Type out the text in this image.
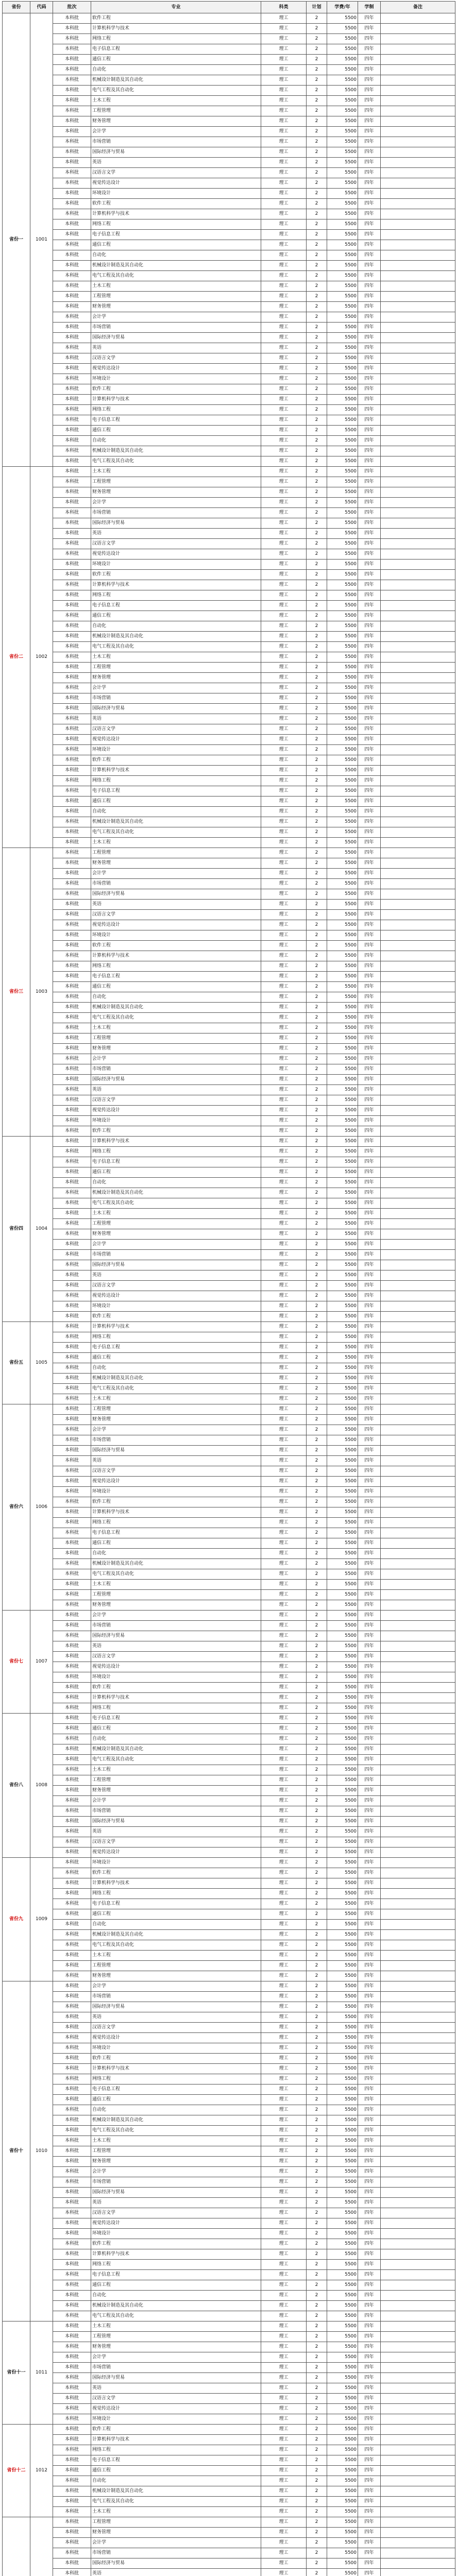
省份	代码	批次	专业	科类	计划	学费/年	学制	备注
省份一	1001	本科批	软件工程	理工	2	5500	四年	
		本科批	计算机科学与技术	理工	2	5500	四年	
		本科批	网络工程	理工	2	5500	四年	
		本科批	电子信息工程	理工	2	5500	四年	
		本科批	通信工程	理工	2	5500	四年	
		本科批	自动化	理工	2	5500	四年	
		本科批	机械设计制造及其自动化	理工	2	5500	四年	
		本科批	电气工程及其自动化	理工	2	5500	四年	
		本科批	土木工程	理工	2	5500	四年	
		本科批	工程管理	理工	2	5500	四年	
		本科批	财务管理	理工	2	5500	四年	
		本科批	会计学	理工	2	5500	四年	
		本科批	市场营销	理工	2	5500	四年	
		本科批	国际经济与贸易	理工	2	5500	四年	
		本科批	英语	理工	2	5500	四年	
		本科批	汉语言文学	理工	2	5500	四年	
		本科批	视觉传达设计	理工	2	5500	四年	
		本科批	环境设计	理工	2	5500	四年	
		本科批	软件工程	理工	2	5500	四年	
		本科批	计算机科学与技术	理工	2	5500	四年	
		本科批	网络工程	理工	2	5500	四年	
		本科批	电子信息工程	理工	2	5500	四年	
		本科批	通信工程	理工	2	5500	四年	
		本科批	自动化	理工	2	5500	四年	
		本科批	机械设计制造及其自动化	理工	2	5500	四年	
		本科批	电气工程及其自动化	理工	2	5500	四年	
		本科批	土木工程	理工	2	5500	四年	
		本科批	工程管理	理工	2	5500	四年	
		本科批	财务管理	理工	2	5500	四年	
		本科批	会计学	理工	2	5500	四年	
		本科批	市场营销	理工	2	5500	四年	
		本科批	国际经济与贸易	理工	2	5500	四年	
		本科批	英语	理工	2	5500	四年	
		本科批	汉语言文学	理工	2	5500	四年	
		本科批	视觉传达设计	理工	2	5500	四年	
		本科批	环境设计	理工	2	5500	四年	
		本科批	软件工程	理工	2	5500	四年	
		本科批	计算机科学与技术	理工	2	5500	四年	
		本科批	网络工程	理工	2	5500	四年	
		本科批	电子信息工程	理工	2	5500	四年	
		本科批	通信工程	理工	2	5500	四年	
		本科批	自动化	理工	2	5500	四年	
		本科批	机械设计制造及其自动化	理工	2	5500	四年	
		本科批	电气工程及其自动化	理工	2	5500	四年	
省份二	1002	本科批	土木工程	理工	2	5500	四年	
		本科批	工程管理	理工	2	5500	四年	
		本科批	财务管理	理工	2	5500	四年	
		本科批	会计学	理工	2	5500	四年	
		本科批	市场营销	理工	2	5500	四年	
		本科批	国际经济与贸易	理工	2	5500	四年	
		本科批	英语	理工	2	5500	四年	
		本科批	汉语言文学	理工	2	5500	四年	
		本科批	视觉传达设计	理工	2	5500	四年	
		本科批	环境设计	理工	2	5500	四年	
		本科批	软件工程	理工	2	5500	四年	
		本科批	计算机科学与技术	理工	2	5500	四年	
		本科批	网络工程	理工	2	5500	四年	
		本科批	电子信息工程	理工	2	5500	四年	
		本科批	通信工程	理工	2	5500	四年	
		本科批	自动化	理工	2	5500	四年	
		本科批	机械设计制造及其自动化	理工	2	5500	四年	
		本科批	电气工程及其自动化	理工	2	5500	四年	
		本科批	土木工程	理工	2	5500	四年	
		本科批	工程管理	理工	2	5500	四年	
		本科批	财务管理	理工	2	5500	四年	
		本科批	会计学	理工	2	5500	四年	
		本科批	市场营销	理工	2	5500	四年	
		本科批	国际经济与贸易	理工	2	5500	四年	
		本科批	英语	理工	2	5500	四年	
		本科批	汉语言文学	理工	2	5500	四年	
		本科批	视觉传达设计	理工	2	5500	四年	
		本科批	环境设计	理工	2	5500	四年	
		本科批	软件工程	理工	2	5500	四年	
		本科批	计算机科学与技术	理工	2	5500	四年	
		本科批	网络工程	理工	2	5500	四年	
		本科批	电子信息工程	理工	2	5500	四年	
		本科批	通信工程	理工	2	5500	四年	
		本科批	自动化	理工	2	5500	四年	
		本科批	机械设计制造及其自动化	理工	2	5500	四年	
		本科批	电气工程及其自动化	理工	2	5500	四年	
		本科批	土木工程	理工	2	5500	四年	
省份三	1003	本科批	工程管理	理工	2	5500	四年	
		本科批	财务管理	理工	2	5500	四年	
		本科批	会计学	理工	2	5500	四年	
		本科批	市场营销	理工	2	5500	四年	
		本科批	国际经济与贸易	理工	2	5500	四年	
		本科批	英语	理工	2	5500	四年	
		本科批	汉语言文学	理工	2	5500	四年	
		本科批	视觉传达设计	理工	2	5500	四年	
		本科批	环境设计	理工	2	5500	四年	
		本科批	软件工程	理工	2	5500	四年	
		本科批	计算机科学与技术	理工	2	5500	四年	
		本科批	网络工程	理工	2	5500	四年	
		本科批	电子信息工程	理工	2	5500	四年	
		本科批	通信工程	理工	2	5500	四年	
		本科批	自动化	理工	2	5500	四年	
		本科批	机械设计制造及其自动化	理工	2	5500	四年	
		本科批	电气工程及其自动化	理工	2	5500	四年	
		本科批	土木工程	理工	2	5500	四年	
		本科批	工程管理	理工	2	5500	四年	
		本科批	财务管理	理工	2	5500	四年	
		本科批	会计学	理工	2	5500	四年	
		本科批	市场营销	理工	2	5500	四年	
		本科批	国际经济与贸易	理工	2	5500	四年	
		本科批	英语	理工	2	5500	四年	
		本科批	汉语言文学	理工	2	5500	四年	
		本科批	视觉传达设计	理工	2	5500	四年	
		本科批	环境设计	理工	2	5500	四年	
		本科批	软件工程	理工	2	5500	四年	
省份四	1004	本科批	计算机科学与技术	理工	2	5500	四年	
		本科批	网络工程	理工	2	5500	四年	
		本科批	电子信息工程	理工	2	5500	四年	
		本科批	通信工程	理工	2	5500	四年	
		本科批	自动化	理工	2	5500	四年	
		本科批	机械设计制造及其自动化	理工	2	5500	四年	
		本科批	电气工程及其自动化	理工	2	5500	四年	
		本科批	土木工程	理工	2	5500	四年	
		本科批	工程管理	理工	2	5500	四年	
		本科批	财务管理	理工	2	5500	四年	
		本科批	会计学	理工	2	5500	四年	
		本科批	市场营销	理工	2	5500	四年	
		本科批	国际经济与贸易	理工	2	5500	四年	
		本科批	英语	理工	2	5500	四年	
		本科批	汉语言文学	理工	2	5500	四年	
		本科批	视觉传达设计	理工	2	5500	四年	
		本科批	环境设计	理工	2	5500	四年	
		本科批	软件工程	理工	2	5500	四年	
省份五	1005	本科批	计算机科学与技术	理工	2	5500	四年	
		本科批	网络工程	理工	2	5500	四年	
		本科批	电子信息工程	理工	2	5500	四年	
		本科批	通信工程	理工	2	5500	四年	
		本科批	自动化	理工	2	5500	四年	
		本科批	机械设计制造及其自动化	理工	2	5500	四年	
		本科批	电气工程及其自动化	理工	2	5500	四年	
		本科批	土木工程	理工	2	5500	四年	
省份六	1006	本科批	工程管理	理工	2	5500	四年	
		本科批	财务管理	理工	2	5500	四年	
		本科批	会计学	理工	2	5500	四年	
		本科批	市场营销	理工	2	5500	四年	
		本科批	国际经济与贸易	理工	2	5500	四年	
		本科批	英语	理工	2	5500	四年	
		本科批	汉语言文学	理工	2	5500	四年	
		本科批	视觉传达设计	理工	2	5500	四年	
		本科批	环境设计	理工	2	5500	四年	
		本科批	软件工程	理工	2	5500	四年	
		本科批	计算机科学与技术	理工	2	5500	四年	
		本科批	网络工程	理工	2	5500	四年	
		本科批	电子信息工程	理工	2	5500	四年	
		本科批	通信工程	理工	2	5500	四年	
		本科批	自动化	理工	2	5500	四年	
		本科批	机械设计制造及其自动化	理工	2	5500	四年	
		本科批	电气工程及其自动化	理工	2	5500	四年	
		本科批	土木工程	理工	2	5500	四年	
		本科批	工程管理	理工	2	5500	四年	
		本科批	财务管理	理工	2	5500	四年	
省份七	1007	本科批	会计学	理工	2	5500	四年	
		本科批	市场营销	理工	2	5500	四年	
		本科批	国际经济与贸易	理工	2	5500	四年	
		本科批	英语	理工	2	5500	四年	
		本科批	汉语言文学	理工	2	5500	四年	
		本科批	视觉传达设计	理工	2	5500	四年	
		本科批	环境设计	理工	2	5500	四年	
		本科批	软件工程	理工	2	5500	四年	
		本科批	计算机科学与技术	理工	2	5500	四年	
		本科批	网络工程	理工	2	5500	四年	
省份八	1008	本科批	电子信息工程	理工	2	5500	四年	
		本科批	通信工程	理工	2	5500	四年	
		本科批	自动化	理工	2	5500	四年	
		本科批	机械设计制造及其自动化	理工	2	5500	四年	
		本科批	电气工程及其自动化	理工	2	5500	四年	
		本科批	土木工程	理工	2	5500	四年	
		本科批	工程管理	理工	2	5500	四年	
		本科批	财务管理	理工	2	5500	四年	
		本科批	会计学	理工	2	5500	四年	
		本科批	市场营销	理工	2	5500	四年	
		本科批	国际经济与贸易	理工	2	5500	四年	
		本科批	英语	理工	2	5500	四年	
		本科批	汉语言文学	理工	2	5500	四年	
		本科批	视觉传达设计	理工	2	5500	四年	
省份九	1009	本科批	环境设计	理工	2	5500	四年	
		本科批	软件工程	理工	2	5500	四年	
		本科批	计算机科学与技术	理工	2	5500	四年	
		本科批	网络工程	理工	2	5500	四年	
		本科批	电子信息工程	理工	2	5500	四年	
		本科批	通信工程	理工	2	5500	四年	
		本科批	自动化	理工	2	5500	四年	
		本科批	机械设计制造及其自动化	理工	2	5500	四年	
		本科批	电气工程及其自动化	理工	2	5500	四年	
		本科批	土木工程	理工	2	5500	四年	
		本科批	工程管理	理工	2	5500	四年	
		本科批	财务管理	理工	2	5500	四年	
省份十	1010	本科批	会计学	理工	2	5500	四年	
		本科批	市场营销	理工	2	5500	四年	
		本科批	国际经济与贸易	理工	2	5500	四年	
		本科批	英语	理工	2	5500	四年	
		本科批	汉语言文学	理工	2	5500	四年	
		本科批	视觉传达设计	理工	2	5500	四年	
		本科批	环境设计	理工	2	5500	四年	
		本科批	软件工程	理工	2	5500	四年	
		本科批	计算机科学与技术	理工	2	5500	四年	
		本科批	网络工程	理工	2	5500	四年	
		本科批	电子信息工程	理工	2	5500	四年	
		本科批	通信工程	理工	2	5500	四年	
		本科批	自动化	理工	2	5500	四年	
		本科批	机械设计制造及其自动化	理工	2	5500	四年	
		本科批	电气工程及其自动化	理工	2	5500	四年	
		本科批	土木工程	理工	2	5500	四年	
		本科批	工程管理	理工	2	5500	四年	
		本科批	财务管理	理工	2	5500	四年	
		本科批	会计学	理工	2	5500	四年	
		本科批	市场营销	理工	2	5500	四年	
		本科批	国际经济与贸易	理工	2	5500	四年	
		本科批	英语	理工	2	5500	四年	
		本科批	汉语言文学	理工	2	5500	四年	
		本科批	视觉传达设计	理工	2	5500	四年	
		本科批	环境设计	理工	2	5500	四年	
		本科批	软件工程	理工	2	5500	四年	
		本科批	计算机科学与技术	理工	2	5500	四年	
		本科批	网络工程	理工	2	5500	四年	
		本科批	电子信息工程	理工	2	5500	四年	
		本科批	通信工程	理工	2	5500	四年	
		本科批	自动化	理工	2	5500	四年	
		本科批	机械设计制造及其自动化	理工	2	5500	四年	
		本科批	电气工程及其自动化	理工	2	5500	四年	
省份十一	1011	本科批	土木工程	理工	2	5500	四年	
		本科批	工程管理	理工	2	5500	四年	
		本科批	财务管理	理工	2	5500	四年	
		本科批	会计学	理工	2	5500	四年	
		本科批	市场营销	理工	2	5500	四年	
		本科批	国际经济与贸易	理工	2	5500	四年	
		本科批	英语	理工	2	5500	四年	
		本科批	汉语言文学	理工	2	5500	四年	
		本科批	视觉传达设计	理工	2	5500	四年	
		本科批	环境设计	理工	2	5500	四年	
省份十二	1012	本科批	软件工程	理工	2	5500	四年	
		本科批	计算机科学与技术	理工	2	5500	四年	
		本科批	网络工程	理工	2	5500	四年	
		本科批	电子信息工程	理工	2	5500	四年	
		本科批	通信工程	理工	2	5500	四年	
		本科批	自动化	理工	2	5500	四年	
		本科批	机械设计制造及其自动化	理工	2	5500	四年	
		本科批	电气工程及其自动化	理工	2	5500	四年	
		本科批	土木工程	理工	2	5500	四年	
		本科批	工程管理	理工	2	5500	四年	
		本科批	财务管理	理工	2	5500	四年	
		本科批	会计学	理工	2	5500	四年	
		本科批	市场营销	理工	2	5500	四年	
		本科批	国际经济与贸易	理工	2	5500	四年	
		本科批	英语	理工	2	5500	四年	
